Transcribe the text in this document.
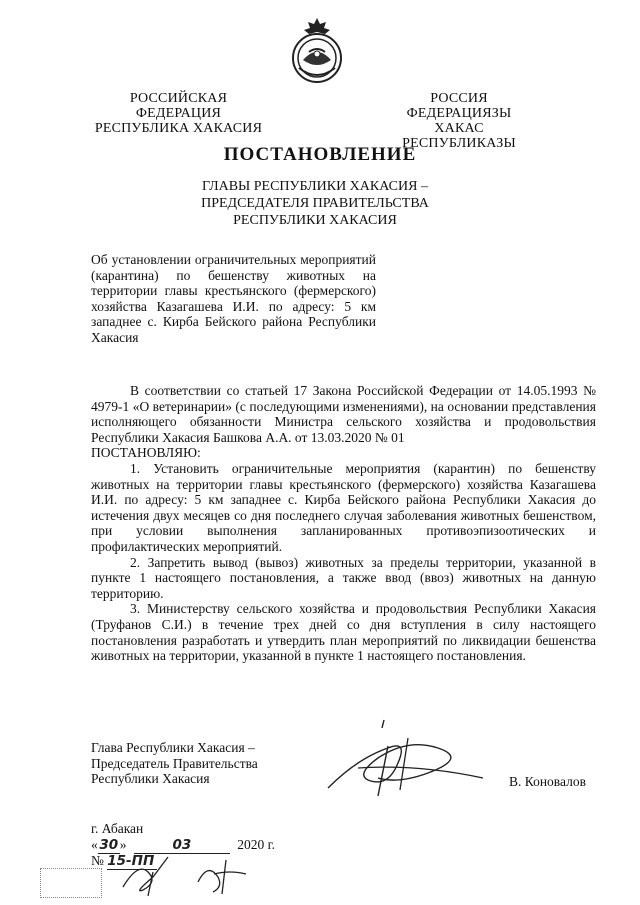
РОССИЙСКАЯ ФЕДЕРАЦИЯ
РЕСПУБЛИКА ХАКАСИЯ
РОССИЯ ФЕДЕРАЦИЯЗЫ
ХАКАС РЕСПУБЛИКАЗЫ
ПОСТАНОВЛЕНИЕ
ГЛАВЫ РЕСПУБЛИКИ ХАКАСИЯ –
ПРЕДСЕДАТЕЛЯ ПРАВИТЕЛЬСТВА
РЕСПУБЛИКИ ХАКАСИЯ
Об установлении ограничительных мероприятий (карантина) по бешенству животных на территории главы крестьянского (фермерского) хозяйства Казагашева И.И. по адресу: 5 км западнее с. Кирба Бейского района Республики Хакасия

В соответствии со статьей 17 Закона Российской Федерации от 14.05.1993 № 4979-1 «О ветеринарии» (с последующими изменениями), на основании представления исполняющего обязанности Министра сельского хозяйства и продовольствия Республики Хакасия Башкова А.А. от 13.03.2020 № 01

ПОСТАНОВЛЯЮ:

1. Установить ограничительные мероприятия (карантин) по бешенству животных на территории главы крестьянского (фермерского) хозяйства Казагашева И.И. по адресу: 5 км западнее с. Кирба Бейского района Республики Хакасия до истечения двух месяцев со дня последнего случая заболевания животных бешенством, при условии выполнения запланированных противоэпизоотических и профилактических мероприятий.

2. Запретить вывод (вывоз) животных за пределы территории, указанной в пункте 1 настоящего постановления, а также ввод (ввоз) животных на данную территорию.

3. Министерству сельского хозяйства и продовольствия Республики Хакасия (Труфанов С.И.) в течение трех дней со дня вступления в силу настоящего постановления разработать и утвердить план мероприятий по ликвидации бешенства животных на территории, указанной в пункте 1 настоящего постановления.

Глава Республики Хакасия –
Председатель Правительства
Республики Хакасия	В. Коновалов
г. Абакан
« 30 »	03	2020 г.
№ 15-ПП
